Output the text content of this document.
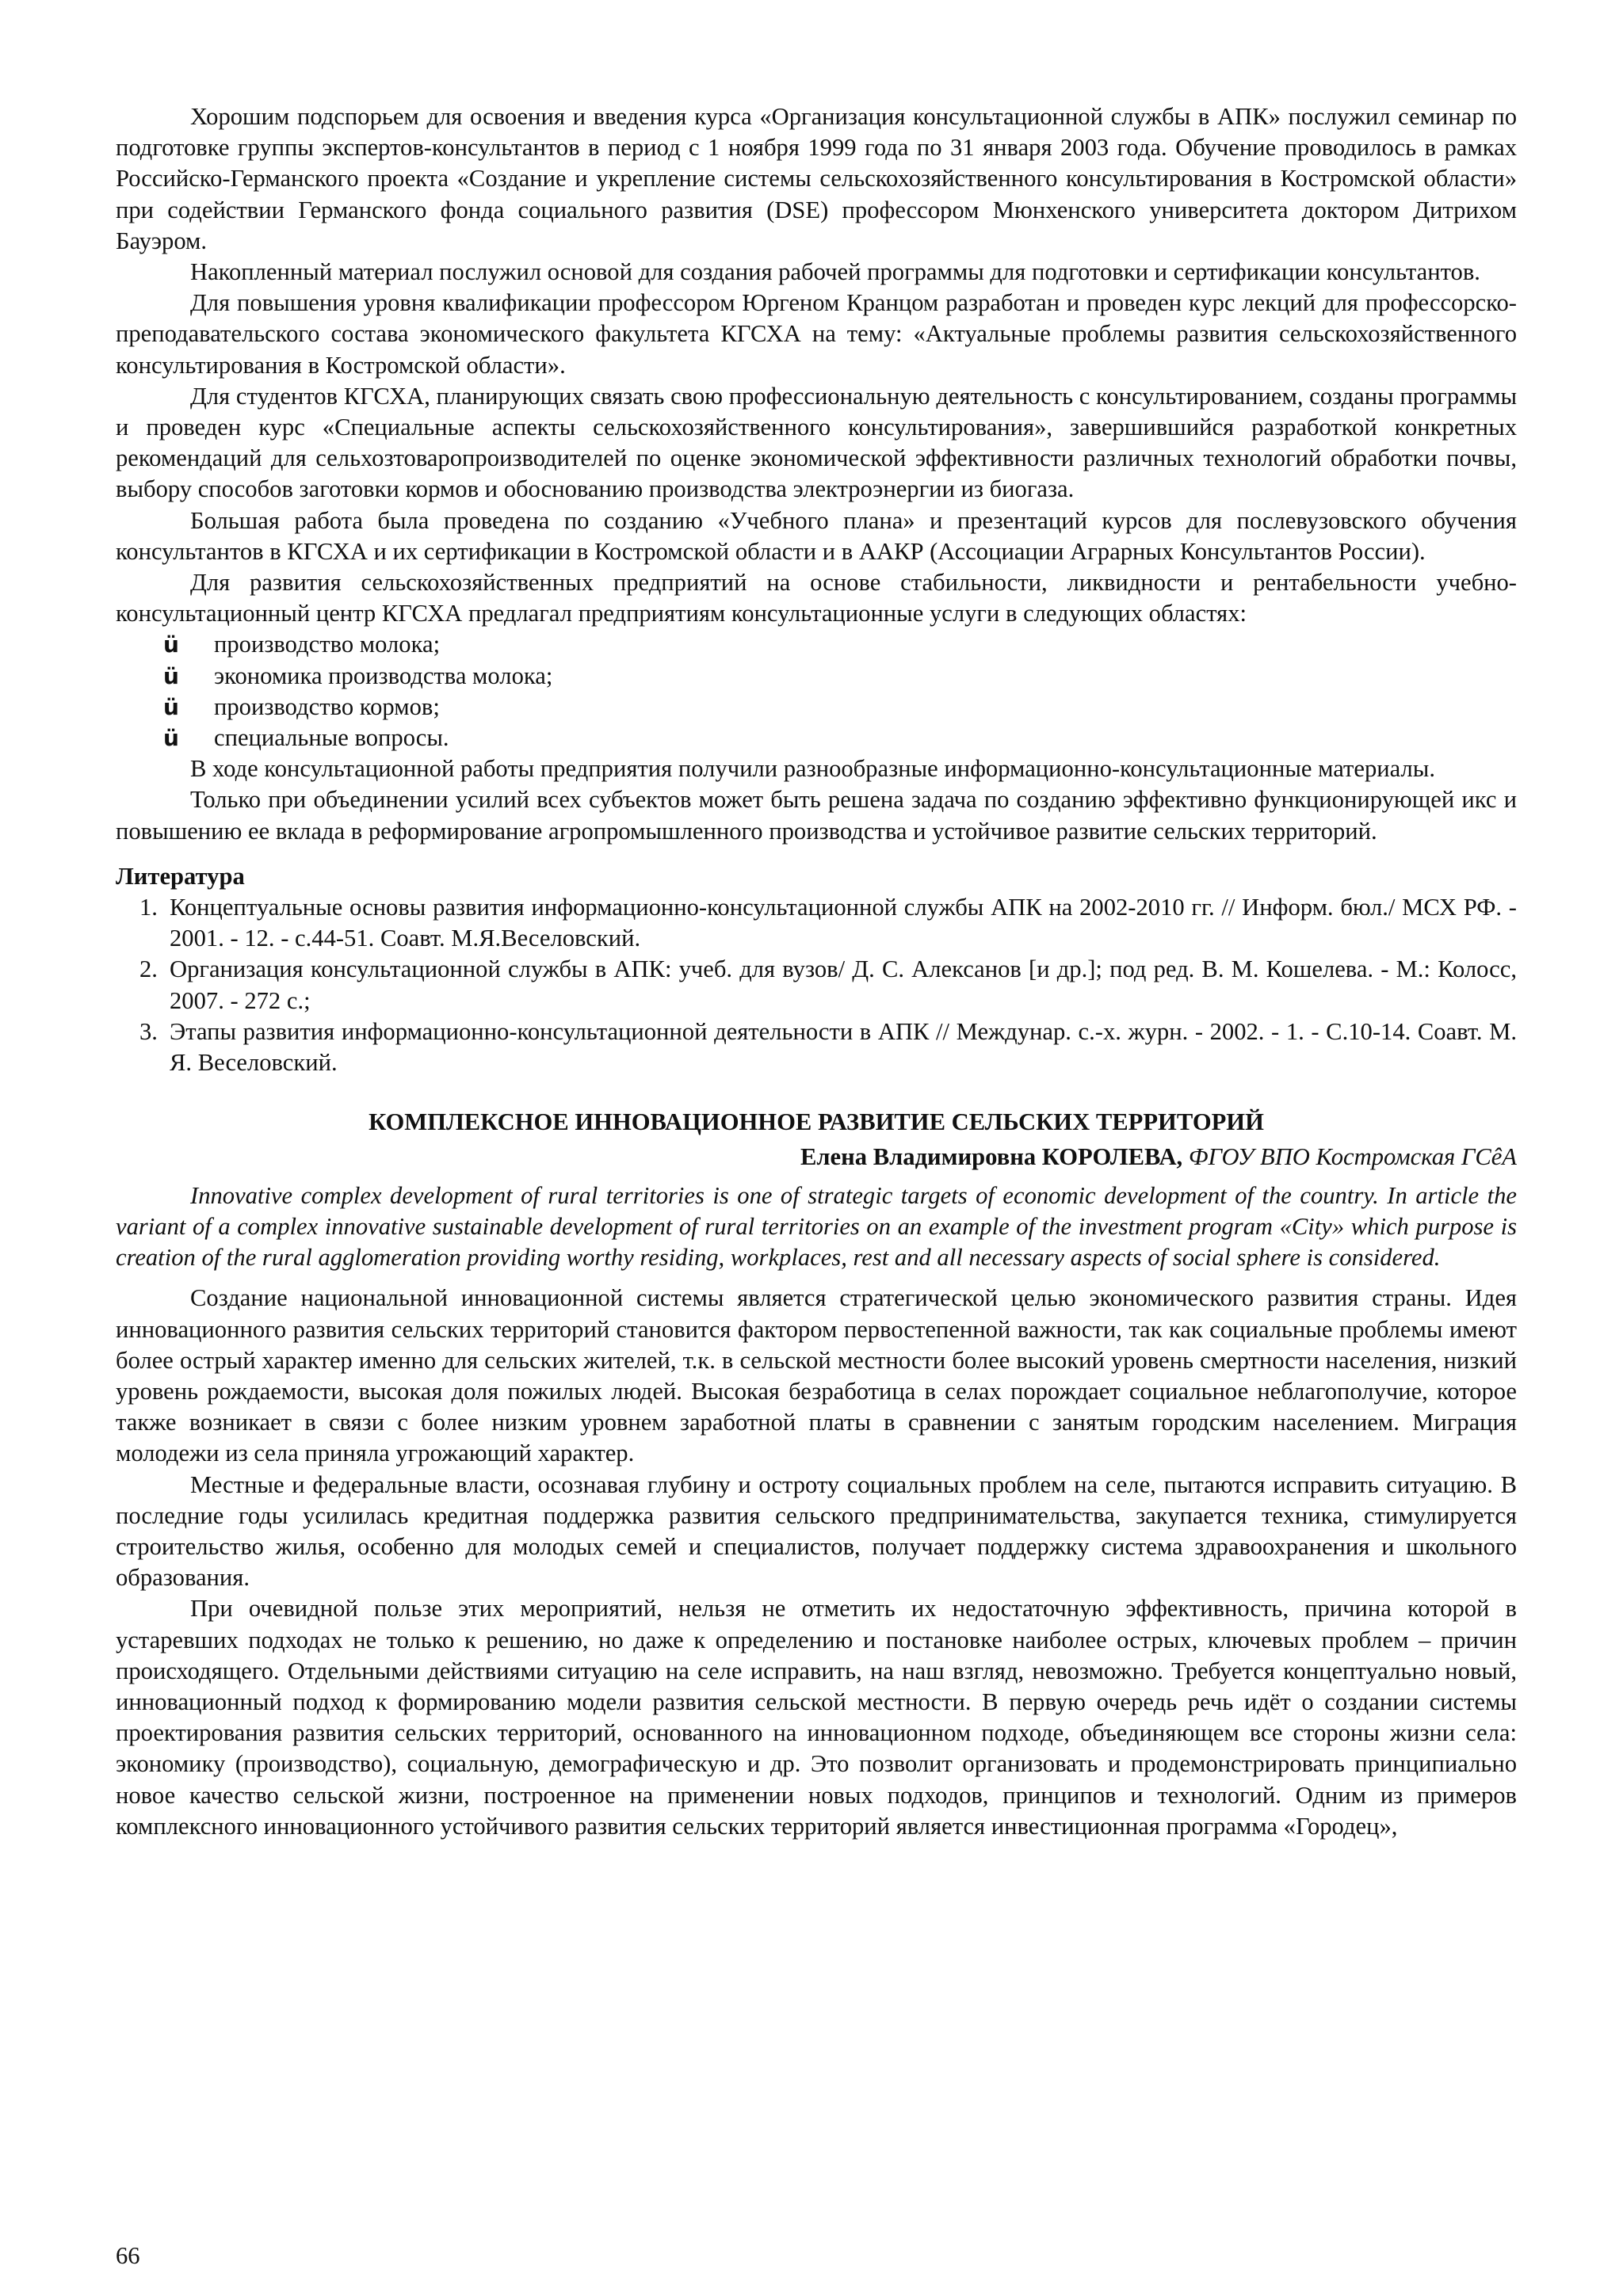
Хорошим подспорьем для освоения и введения курса «Организация консультационной службы в АПК» послужил семинар по подготовке группы экспертов-консультантов в период с 1 ноября 1999 года по 31 января 2003 года. Обучение проводилось в рамках Российско-Германского проекта «Создание и укрепление системы сельскохозяйственного консультирования в Костромской области» при содействии Германского фонда социального развития (DSE) профессором Мюнхенского университета доктором Дитрихом Бауэром.

Накопленный материал послужил основой для создания рабочей программы для подготовки и сертификации консультантов.

Для повышения уровня квалификации профессором Юргеном Кранцом разработан и проведен курс лекций для профессорско-преподавательского состава экономического факультета КГСХА на тему: «Актуальные проблемы развития сельскохозяйственного консультирования в Костромской области».

Для студентов КГСХА, планирующих связать свою профессиональную деятельность с консультированием, созданы программы и проведен курс «Специальные аспекты сельскохозяйственного консультирования», завершившийся разработкой конкретных рекомендаций для сельхозтоваропроизводителей по оценке экономической эффективности различных технологий обработки почвы, выбору способов заготовки кормов и обоснованию производства электроэнергии из биогаза.

Большая работа была проведена по созданию «Учебного плана» и презентаций курсов для послевузовского обучения консультантов в КГСХА и их сертификации в Костромской области и в ААКР (Ассоциации Аграрных Консультантов России).

Для развития сельскохозяйственных предприятий на основе стабильности, ликвидности и рентабельности учебно-консультационный центр КГСХА предлагал предприятиям консультационные услуги в следующих областях:

ü производство молока;
ü экономика производства молока;
ü производство кормов;
ü специальные вопросы.

В ходе консультационной работы предприятия получили разнообразные информационно-консультационные материалы.

Только при объединении усилий всех субъектов может быть решена задача по созданию эффективно функционирующей икс и повышению ее вклада в реформирование агропромышленного производства и устойчивое развитие сельских территорий.

Литература
1. Концептуальные основы развития информационно-консультационной службы АПК на 2002-2010 гг. // Информ. бюл./ МСХ РФ. - 2001. - 12. - с.44-51. Соавт. М.Я.Веселовский.
2. Организация консультационной службы в АПК: учеб. для вузов/ Д. С. Алексанов [и др.]; под ред. В. М. Кошелева. - М.: Колосс, 2007. - 272 с.;
3. Этапы развития информационно-консультационной деятельности в АПК // Междунар. с.-х. журн. - 2002. - 1. - С.10-14. Соавт. М. Я. Веселовский.
КОМПЛЕКСНОЕ ИННОВАЦИОННОЕ РАЗВИТИЕ СЕЛЬСКИХ ТЕРРИТОРИЙ
Елена Владимировна КОРОЛЕВА, ФГОУ ВПО Костромская ГСêА

Innovative complex development of rural territories is one of strategic targets of economic development of the country. In article the variant of a complex innovative sustainable development of rural territories on an example of the investment program «City» which purpose is creation of the rural agglomeration providing worthy residing, workplaces, rest and all necessary aspects of social sphere is considered.

Создание национальной инновационной системы является стратегической целью экономического развития страны. Идея инновационного развития сельских территорий становится фактором первостепенной важности, так как социальные проблемы имеют более острый характер именно для сельских жителей, т.к. в сельской местности более высокий уровень смертности населения, низкий уровень рождаемости, высокая доля пожилых людей. Высокая безработица в селах порождает социальное неблагополучие, которое также возникает в связи с более низким уровнем заработной платы в сравнении с занятым городским населением. Миграция молодежи из села приняла угрожающий характер.

Местные и федеральные власти, осознавая глубину и остроту социальных проблем на селе, пытаются исправить ситуацию. В последние годы усилилась кредитная поддержка развития сельского предпринимательства, закупается техника, стимулируется строительство жилья, особенно для молодых семей и специалистов, получает поддержку система здравоохранения и школьного образования.

При очевидной пользе этих мероприятий, нельзя не отметить их недостаточную эффективность, причина которой в устаревших подходах не только к решению, но даже к определению и постановке наиболее острых, ключевых проблем – причин происходящего. Отдельными действиями ситуацию на селе исправить, на наш взгляд, невозможно. Требуется концептуально новый, инновационный подход к формированию модели развития сельской местности. В первую очередь речь идёт о создании системы проектирования развития сельских территорий, основанного на инновационном подходе, объединяющем все стороны жизни села: экономику (производство), социальную, демографическую и др. Это позволит организовать и продемонстрировать принципиально новое качество сельской жизни, построенное на применении новых подходов, принципов и технологий. Одним из примеров комплексного инновационного устойчивого развития сельских территорий является инвестиционная программа «Городец»,

66
